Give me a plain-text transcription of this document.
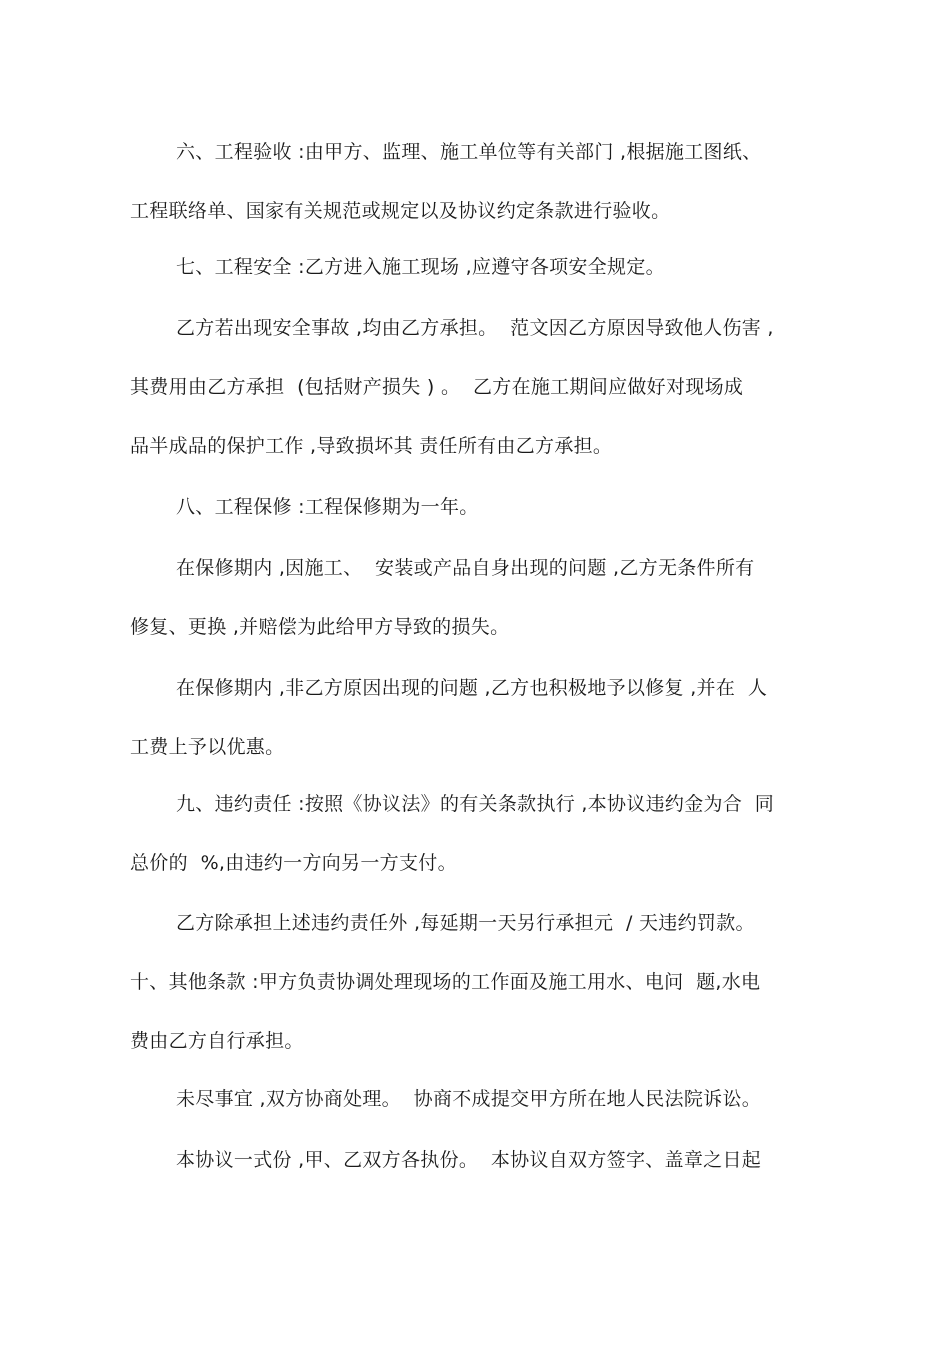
六、工程验收 :由甲方、监理、施工单位等有关部门 ,根据施工图纸、
工程联络单、国家有关规范或规定以及协议约定条款进行验收。
七、工程安全 :乙方进入施工现场 ,应遵守各项安全规定。
乙方若出现安全事故 ,均由乙方承担。  范文因乙方原因导致他人伤害 ,
其费用由乙方承担  (包括财产损失 ) 。  乙方在施工期间应做好对现场成
品半成品的保护工作 ,导致损坏其 责任所有由乙方承担。
八、工程保修 :工程保修期为一年。
在保修期内 ,因施工、  安装或产品自身出现的问题 ,乙方无条件所有
修复、更换 ,并赔偿为此给甲方导致的损失。
在保修期内 ,非乙方原因出现的问题 ,乙方也积极地予以修复 ,并在  人
工费上予以优惠。
九、违约责任 :按照《协议法》的有关条款执行 ,本协议违约金为合  同
总价的  %,由违约一方向另一方支付。
乙方除承担上述违约责任外 ,每延期一天另行承担元  / 天违约罚款。
十、其他条款 :甲方负责协调处理现场的工作面及施工用水、电问  题,水电
费由乙方自行承担。
未尽事宜 ,双方协商处理。  协商不成提交甲方所在地人民法院诉讼。
本协议一式份 ,甲、乙双方各执份。  本协议自双方签字、盖章之日起
